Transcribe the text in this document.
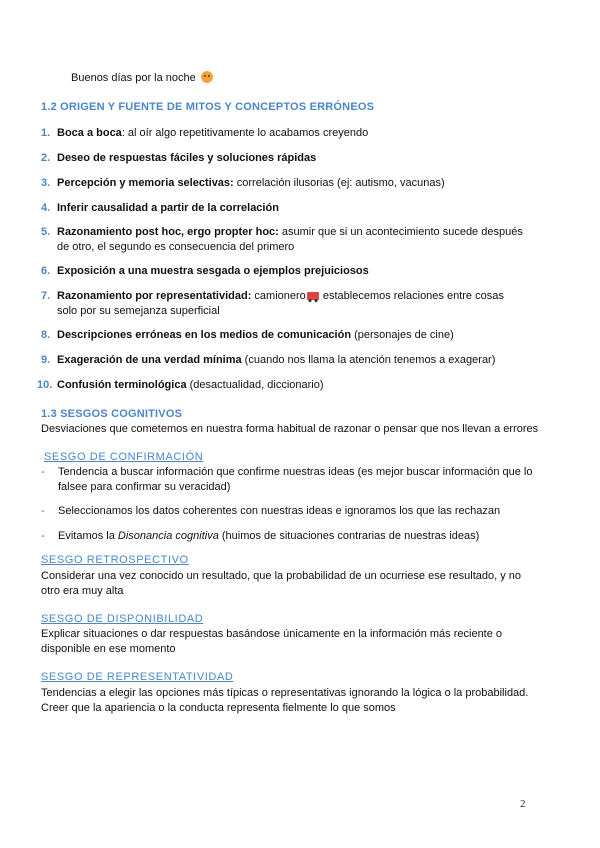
Buenos días por la noche
1.2 ORIGEN Y FUENTE DE MITOS Y CONCEPTOS ERRÓNEOS
1. Boca a boca: al oír algo repetitivamente lo acabamos creyendo
2. Deseo de respuestas fáciles y soluciones rápidas
3. Percepción y memoria selectivas: correlación ilusorias (ej: autismo, vacunas)
4. Inferir causalidad a partir de la correlación
5. Razonamiento post hoc, ergo propter hoc: asumir que si un acontecimiento sucede después de otro, el segundo es consecuencia del primero
6. Exposición a una muestra sesgada o ejemplos prejuiciosos
7. Razonamiento por representatividad: camionero establecemos relaciones entre cosas solo por su semejanza superficial
8. Descripciones erróneas en los medios de comunicación (personajes de cine)
9. Exageración de una verdad mínima (cuando nos llama la atención tenemos a exagerar)
10. Confusión terminológica (desactualidad, diccionario)
1.3 SESGOS COGNITIVOS
Desviaciones que cometemos en nuestra forma habitual de razonar o pensar que nos llevan a errores
SESGO DE CONFIRMACIÓN
- Tendencia a buscar información que confirme nuestras ideas (es mejor buscar información que lo falsee para confirmar su veracidad)
- Seleccionamos los datos coherentes con nuestras ideas e ignoramos los que las rechazan
- Evitamos la Disonancia cognitiva (huimos de situaciones contrarias de nuestras ideas)
SESGO RETROSPECTIVO
Considerar una vez conocido un resultado, que la probabilidad de un ocurriese ese resultado, y no otro era muy alta
SESGO DE DISPONIBILIDAD
Explicar situaciones o dar respuestas basándose únicamente en la información más reciente o disponible en ese momento
SESGO DE REPRESENTATIVIDAD
Tendencias a elegir las opciones más típicas o representativas ignorando la lógica o la probabilidad.
Creer que la apariencia o la conducta representa fielmente lo que somos
2
